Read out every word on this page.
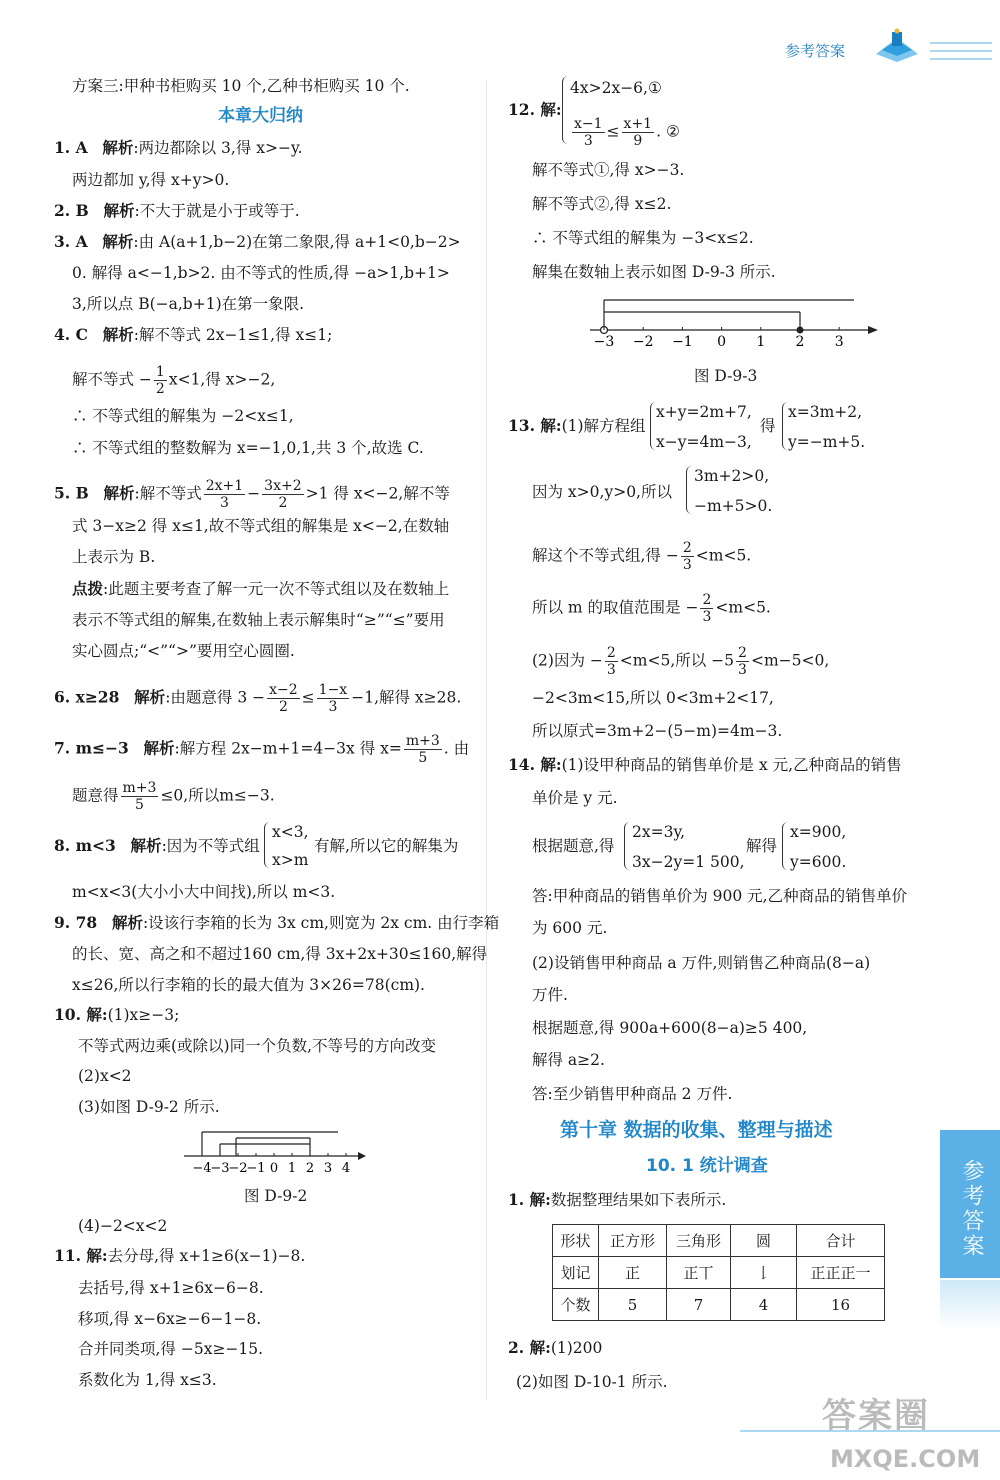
参考答案
参考答案
方案三:甲种书柜购买 10 个,乙种书柜购买 10 个.
本章大归纳
1. A 解析:两边都除以 3,得 x>−y.
两边都加 y,得 x+y>0.
2. B 解析:不大于就是小于或等于.
3. A 解析:由 A(a+1,b−2)在第二象限,得 a+1<0,b−2>
0. 解得 a<−1,b>2. 由不等式的性质,得 −a>1,b+1>
3,所以点 B(−a,b+1)在第一象限.
4. C 解析:解不等式 2x−1≤1,得 x≤1;
解不等式 − $\frac{1}{2} x<1$,得 x>−2,
∴ 不等式组的解集为 −2<x≤1,
∴ 不等式组的整数解为 x=−1,0,1,共 3 个,故选 C.
5. B 解析:解不等式 $\frac{2x+1}{3} - \frac{3x+2}{2} >1$ 得 x<−2,解不等
式 3−x≥2 得 x≤1,故不等式组的解集是 x<−2,在数轴
上表示为 B.
点拨:此题主要考查了解一元一次不等式组以及在数轴上
表示不等式组的解集,在数轴上表示解集时“≥”“≤”要用
实心圆点;“<”“>”要用空心圆圈.
6. x≥28 解析:由题意得 $3 - \frac{x-2}{2} \le \frac{1-x}{3} -1$,解得 x≥28.
7. m≤−3 解析:解方程 2x−m+1=4−3x 得 $x= \frac{m+3}{5}$ . 由
题意得 $\frac{m+3}{5} \le 0$,所以m≤−3.
8. m<3 解析:因为不等式组
x<3,
x>m
有解,所以它的解集为
m<x<3(大小小大中间找),所以 m<3.
9. 78 解析:设该行李箱的长为 3x cm,则宽为 2x cm. 由行李箱
的长、宽、高之和不超过160 cm,得 3x+2x+30≤160,解得
x≤26,所以行李箱的长的最大值为 3×26=78(cm).
10. 解:(1)x≥−3;
不等式两边乘(或除以)同一个负数,不等号的方向改变
(2)x<2
(3)如图 D-9-2 所示.
−4
−3
−2
−1 0 1 2 3 4
图 D-9-2
(4)−2<x<2
11. 解:去分母,得 x+1≥6(x−1)−8.
去括号,得 x+1≥6x−6−8.
移项,得 x−6x≥−6−1−8.
合并同类项,得 −5x≥−15.
系数化为 1,得 x≤3.
12. 解:
4x>2x−6,①
$\frac{x-1}{3} \le \frac{x+1}{9}$ . ②
解不等式①,得 x>−3.
解不等式②,得 x≤2.
∴ 不等式组的解集为 −3<x≤2.
解集在数轴上表示如图 D-9-3 所示.
−3 −2 −1 0 1 2 3
图 D-9-3
13. 解:(1)解方程组
x+y=2m+7,
x−y=4m−3,
得
x=3m+2,
y=−m+5.
因为 x>0,y>0,所以
3m+2>0,
−m+5>0.
解这个不等式组,得 − $\frac{2}{3} <m<5$.
所以 m 的取值范围是 − $\frac{2}{3} <m<5$.
(2)因为 − $\frac{2}{3} <m<5$,所以 $-5 \frac{2}{3} <m-5<0$,
−2<3m<15,所以 0<3m+2<17,
所以原式=3m+2−(5−m)=4m−3.
14. 解:(1)设甲种商品的销售单价是 x 元,乙种商品的销售
单价是 y 元.
根据题意,得
2x=3y,
3x−2y=1 500,
解得
x=900,
y=600.
答:甲种商品的销售单价为 900 元,乙种商品的销售单价
为 600 元.
(2)设销售甲种商品 a 万件,则销售乙种商品(8−a)
万件.
根据题意,得 900a+600(8−a)≥5 400,
解得 a≥2.
答:至少销售甲种商品 2 万件.
第十章 数据的收集、整理与描述
10. 1 统计调查
1. 解:数据整理结果如下表所示.
形状	正方形	三角形	圆	合计
划记	正	正丅	𠄌	正正正一
个数	5	7	4	16
2. 解:(1)200
(2)如图 D-10-1 所示.
答案圈
MXQE.COM
